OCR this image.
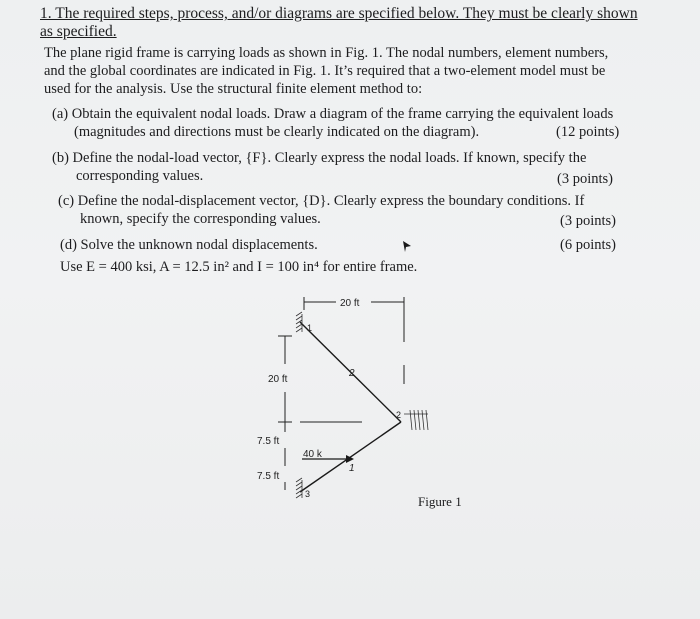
1. The required steps, process, and/or diagrams are specified below. They must be clearly shown
as specified.
The plane rigid frame is carrying loads as shown in Fig. 1. The nodal numbers, element numbers,
and the global coordinates are indicated in Fig. 1. It’s required that a two-element model must be
used for the analysis. Use the structural finite element method to:
(a) Obtain the equivalent nodal loads. Draw a diagram of the frame carrying the equivalent loads
(magnitudes and directions must be clearly indicated on the diagram).	(12 points)
(b) Define the nodal-load vector, {F}. Clearly express the nodal loads. If known, specify the
corresponding values.	(3 points)
(c) Define the nodal-displacement vector, {D}. Clearly express the boundary conditions. If
known, specify the corresponding values.	(3 points)
(d) Solve the unknown nodal displacements.	(6 points)
Use E = 400 ksi, A = 12.5 in² and I = 100 in⁴ for entire frame.
20 ft
20 ft
7.5 ft
7.5 ft
40 k
1
2
3
2
1
Figure 1
